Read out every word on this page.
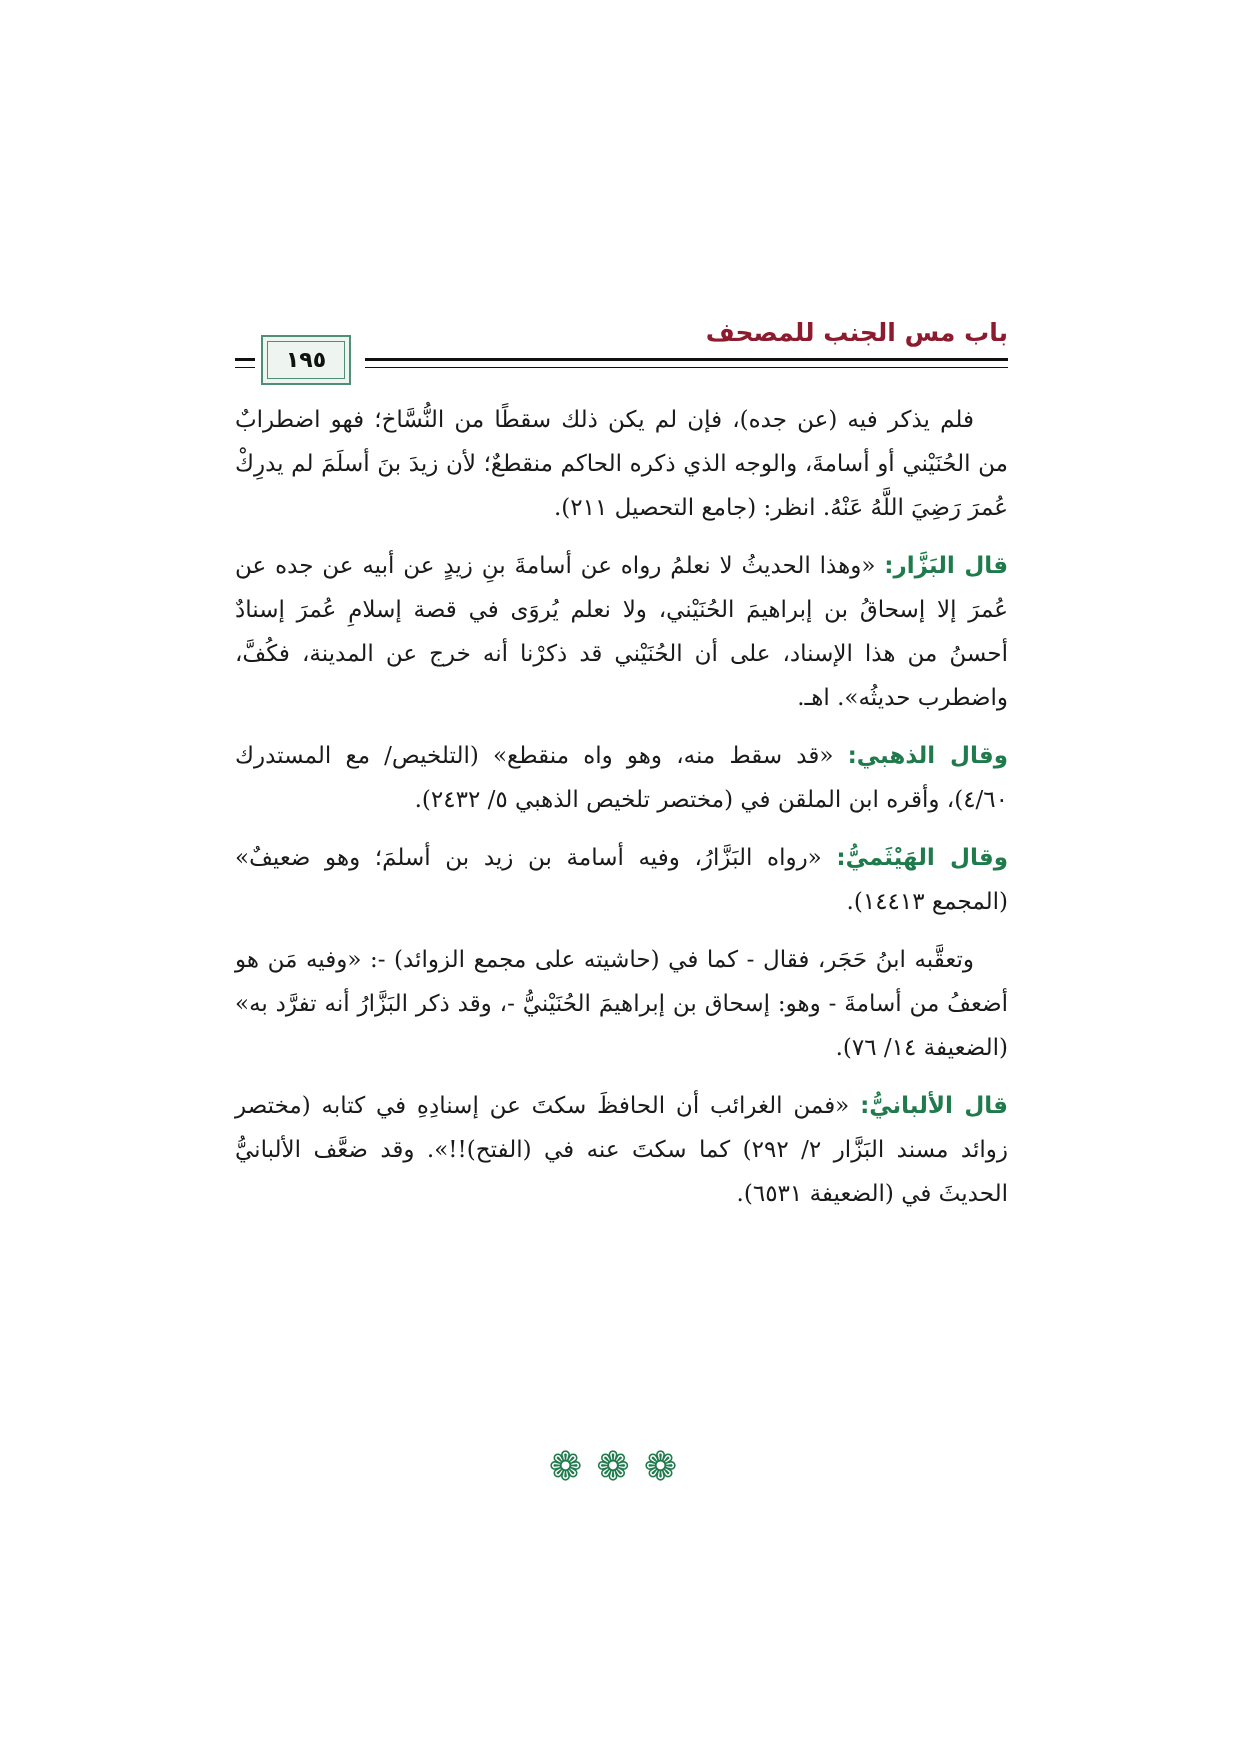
باب مس الجنب للمصحف
١٩٥

فلم يذكر فيه (عن جده)، فإن لم يكن ذلك سقطًا من النُّسَّاخ؛ فهو اضطرابٌ من الحُنَيْني أو أسامةَ، والوجه الذي ذكره الحاكم منقطعٌ؛ لأن زيدَ بنَ أسلَمَ لم يدرِكْ عُمرَ رَضِيَ اللَّهُ عَنْهُ. انظر: (جامع التحصيل ٢١١).

قال البَزَّار: «وهذا الحديثُ لا نعلمُ رواه عن أسامةَ بنِ زيدٍ عن أبيه عن جده عن عُمرَ إلا إسحاقُ بن إبراهيمَ الحُنَيْني، ولا نعلم يُروَى في قصة إسلامِ عُمرَ إسنادٌ أحسنُ من هذا الإسناد، على أن الحُنَيْني قد ذكرْنا أنه خرج عن المدينة، فكُفَّ، واضطرب حديثُه». اهـ.

وقال الذهبي: «قد سقط منه، وهو واه منقطع» (التلخيص/ مع المستدرك ٤/٦٠)، وأقره ابن الملقن في (مختصر تلخيص الذهبي ٥/ ٢٤٣٢).

وقال الهَيْثَميُّ: «رواه البَزَّارُ، وفيه أسامة بن زيد بن أسلمَ؛ وهو ضعيفٌ» (المجمع ١٤٤١٣).

وتعقَّبه ابنُ حَجَر، فقال - كما في (حاشيته على مجمع الزوائد) -: «وفيه مَن هو أضعفُ من أسامةَ - وهو: إسحاق بن إبراهيمَ الحُنَيْنيُّ -، وقد ذكر البَزَّارُ أنه تفرَّد به» (الضعيفة ١٤/ ٧٦).

قال الألبانيُّ: «فمن الغرائب أن الحافظَ سكتَ عن إسنادِهِ في كتابه (مختصر زوائد مسند البَزَّار ٢/ ٢٩٢) كما سكتَ عنه في (الفتح)!!». وقد ضعَّف الألبانيُّ الحديثَ في (الضعيفة ٦٥٣١).

❁❁❁
